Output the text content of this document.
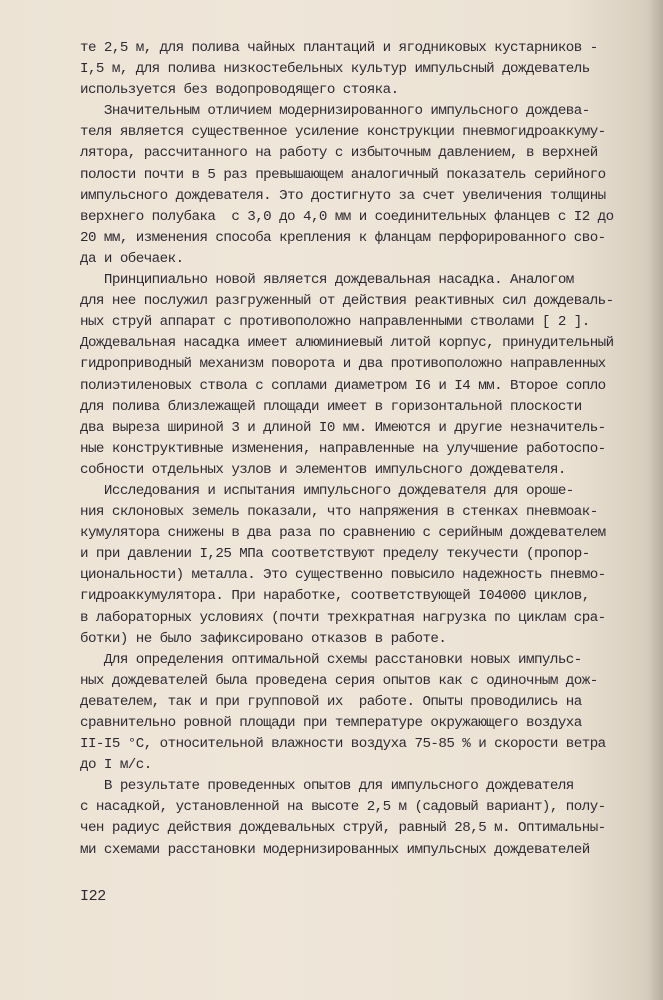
те 2,5 м, для полива чайных плантаций и ягодниковых кустарников -
I,5 м, для полива низкостебельных культур импульсный дождеватель
используется без водопроводящего стояка.
Значительным отличием модернизированного импульсного дождева-
теля является существенное усиление конструкции пневмогидроаккуму-
лятора, рассчитанного на работу с избыточным давлением, в верхней
полости почти в 5 раз превышающем аналогичный показатель серийного
импульсного дождевателя. Это достигнуто за счет увеличения толщины
верхнего полубака  с 3,0 до 4,0 мм и соединительных фланцев с I2 до
20 мм, изменения способа крепления к фланцам перфорированного сво-
да и обечаек.
Принципиально новой является дождевальная насадка. Аналогом
для нее послужил разгруженный от действия реактивных сил дождеваль-
ных струй аппарат с противоположно направленными стволами [ 2 ].
Дождевальная насадка имеет алюминиевый литой корпус, принудительный
гидроприводный механизм поворота и два противоположно направленных
полиэтиленовых ствола с соплами диаметром I6 и I4 мм. Второе сопло
для полива близлежащей площади имеет в горизонтальной плоскости
два выреза шириной 3 и длиной I0 мм. Имеются и другие незначитель-
ные конструктивные изменения, направленные на улучшение работоспо-
собности отдельных узлов и элементов импульсного дождевателя.
Исследования и испытания импульсного дождевателя для ороше-
ния склоновых земель показали, что напряжения в стенках пневмоак-
кумулятора снижены в два раза по сравнению с серийным дождевателем
и при давлении I,25 МПа соответствуют пределу текучести (пропор-
циональности) металла. Это существенно повысило надежность пневмо-
гидроаккумулятора. При наработке, соответствующей I04000 циклов,
в лабораторных условиях (почти трехкратная нагрузка по циклам сра-
ботки) не было зафиксировано отказов в работе.
Для определения оптимальной схемы расстановки новых импульс-
ных дождевателей была проведена серия опытов как с одиночным дож-
девателем, так и при групповой их  работе. Опыты проводились на
сравнительно ровной площади при температуре окружающего воздуха
II-I5 °С, относительной влажности воздуха 75-85 % и скорости ветра
до I м/с.
В результате проведенных опытов для импульсного дождевателя
с насадкой, установленной на высоте 2,5 м (садовый вариант), полу-
чен радиус действия дождевальных струй, равный 28,5 м. Оптимальны-
ми схемами расстановки модернизированных импульсных дождевателей
I22
